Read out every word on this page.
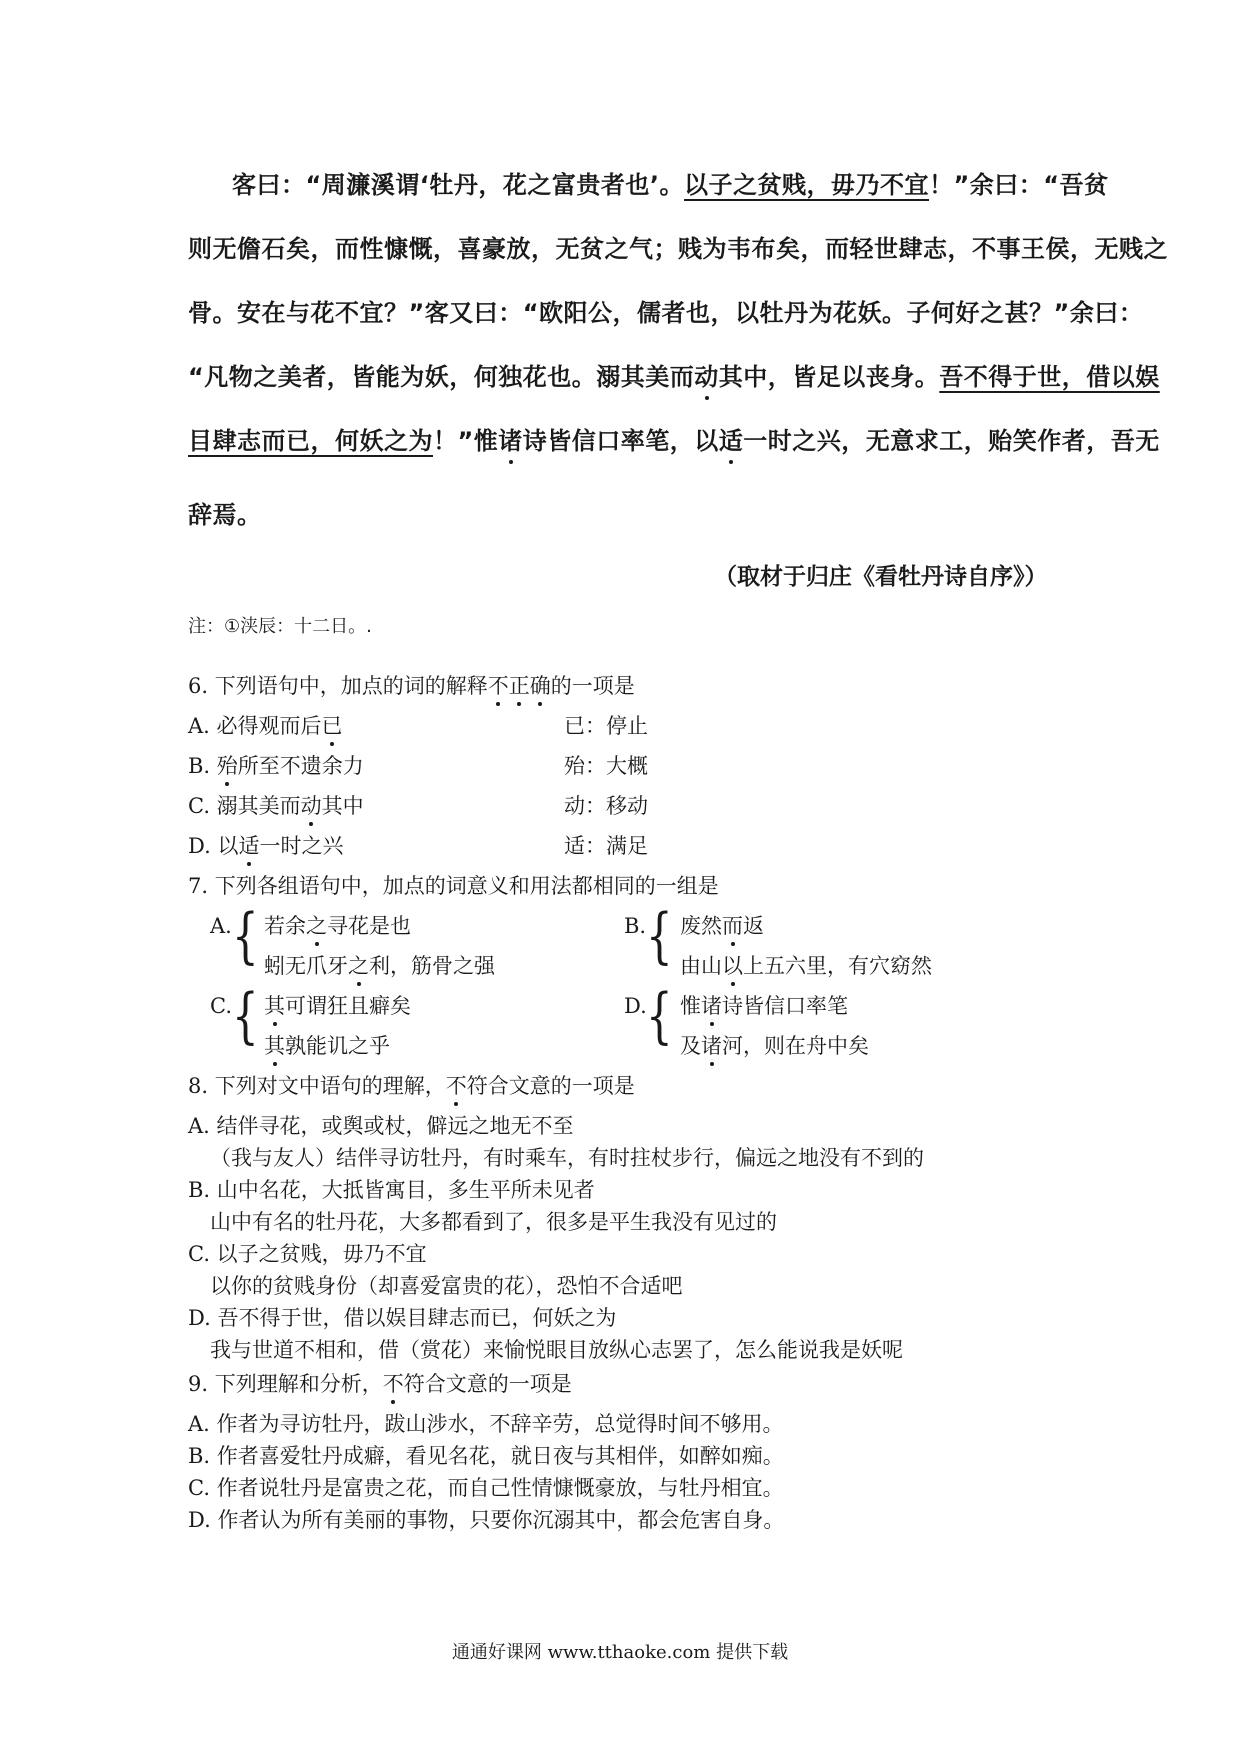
客曰：“周濂溪谓‘牡丹，花之富贵者也’。以子之贫贱，毋乃不宜！”余曰：“吾贫
则无儋石矣，而性慷慨，喜豪放，无贫之气；贱为韦布矣，而轻世肆志，不事王侯，无贱之
骨。安在与花不宜？”客又曰：“欧阳公，儒者也，以牡丹为花妖。子何好之甚？”余曰：
“凡物之美者，皆能为妖，何独花也。溺其美而动其中，皆足以丧身。吾不得于世，借以娱
目肆志而已，何妖之为！”惟诸诗皆信口率笔，以适一时之兴，无意求工，贻笑作者，吾无
辞焉。
（取材于归庄《看牡丹诗自序》）
注：①浃辰：十二日。.
6. 下列语句中，加点的词的解释不正确的一项是
A. 必得观而后已	已：停止
B. 殆所至不遗余力	殆：大概
C. 溺其美而动其中	动：移动
D. 以适一时之兴	适：满足
7. 下列各组语句中，加点的词意义和用法都相同的一组是
A. { 若余之寻花是也
蚓无爪牙之利，筋骨之强
B. { 废然而返
由山以上五六里，有穴窈然
C. { 其可谓狂且癖矣
其孰能讥之乎
D. { 惟诸诗皆信口率笔
及诸河，则在舟中矣
8. 下列对文中语句的理解，不符合文意的一项是
A. 结伴寻花，或舆或杖，僻远之地无不至
（我与友人）结伴寻访牡丹，有时乘车，有时拄杖步行，偏远之地没有不到的
B. 山中名花，大抵皆寓目，多生平所未见者
山中有名的牡丹花，大多都看到了，很多是平生我没有见过的
C. 以子之贫贱，毋乃不宜
以你的贫贱身份（却喜爱富贵的花），恐怕不合适吧
D. 吾不得于世，借以娱目肆志而已，何妖之为
我与世道不相和，借（赏花）来愉悦眼目放纵心志罢了，怎么能说我是妖呢
9. 下列理解和分析，不符合文意的一项是
A. 作者为寻访牡丹，跋山涉水，不辞辛劳，总觉得时间不够用。
B. 作者喜爱牡丹成癖，看见名花，就日夜与其相伴，如醉如痴。
C. 作者说牡丹是富贵之花，而自己性情慷慨豪放，与牡丹相宜。
D. 作者认为所有美丽的事物，只要你沉溺其中，都会危害自身。
通通好课网 www.tthaoke.com 提供下载
